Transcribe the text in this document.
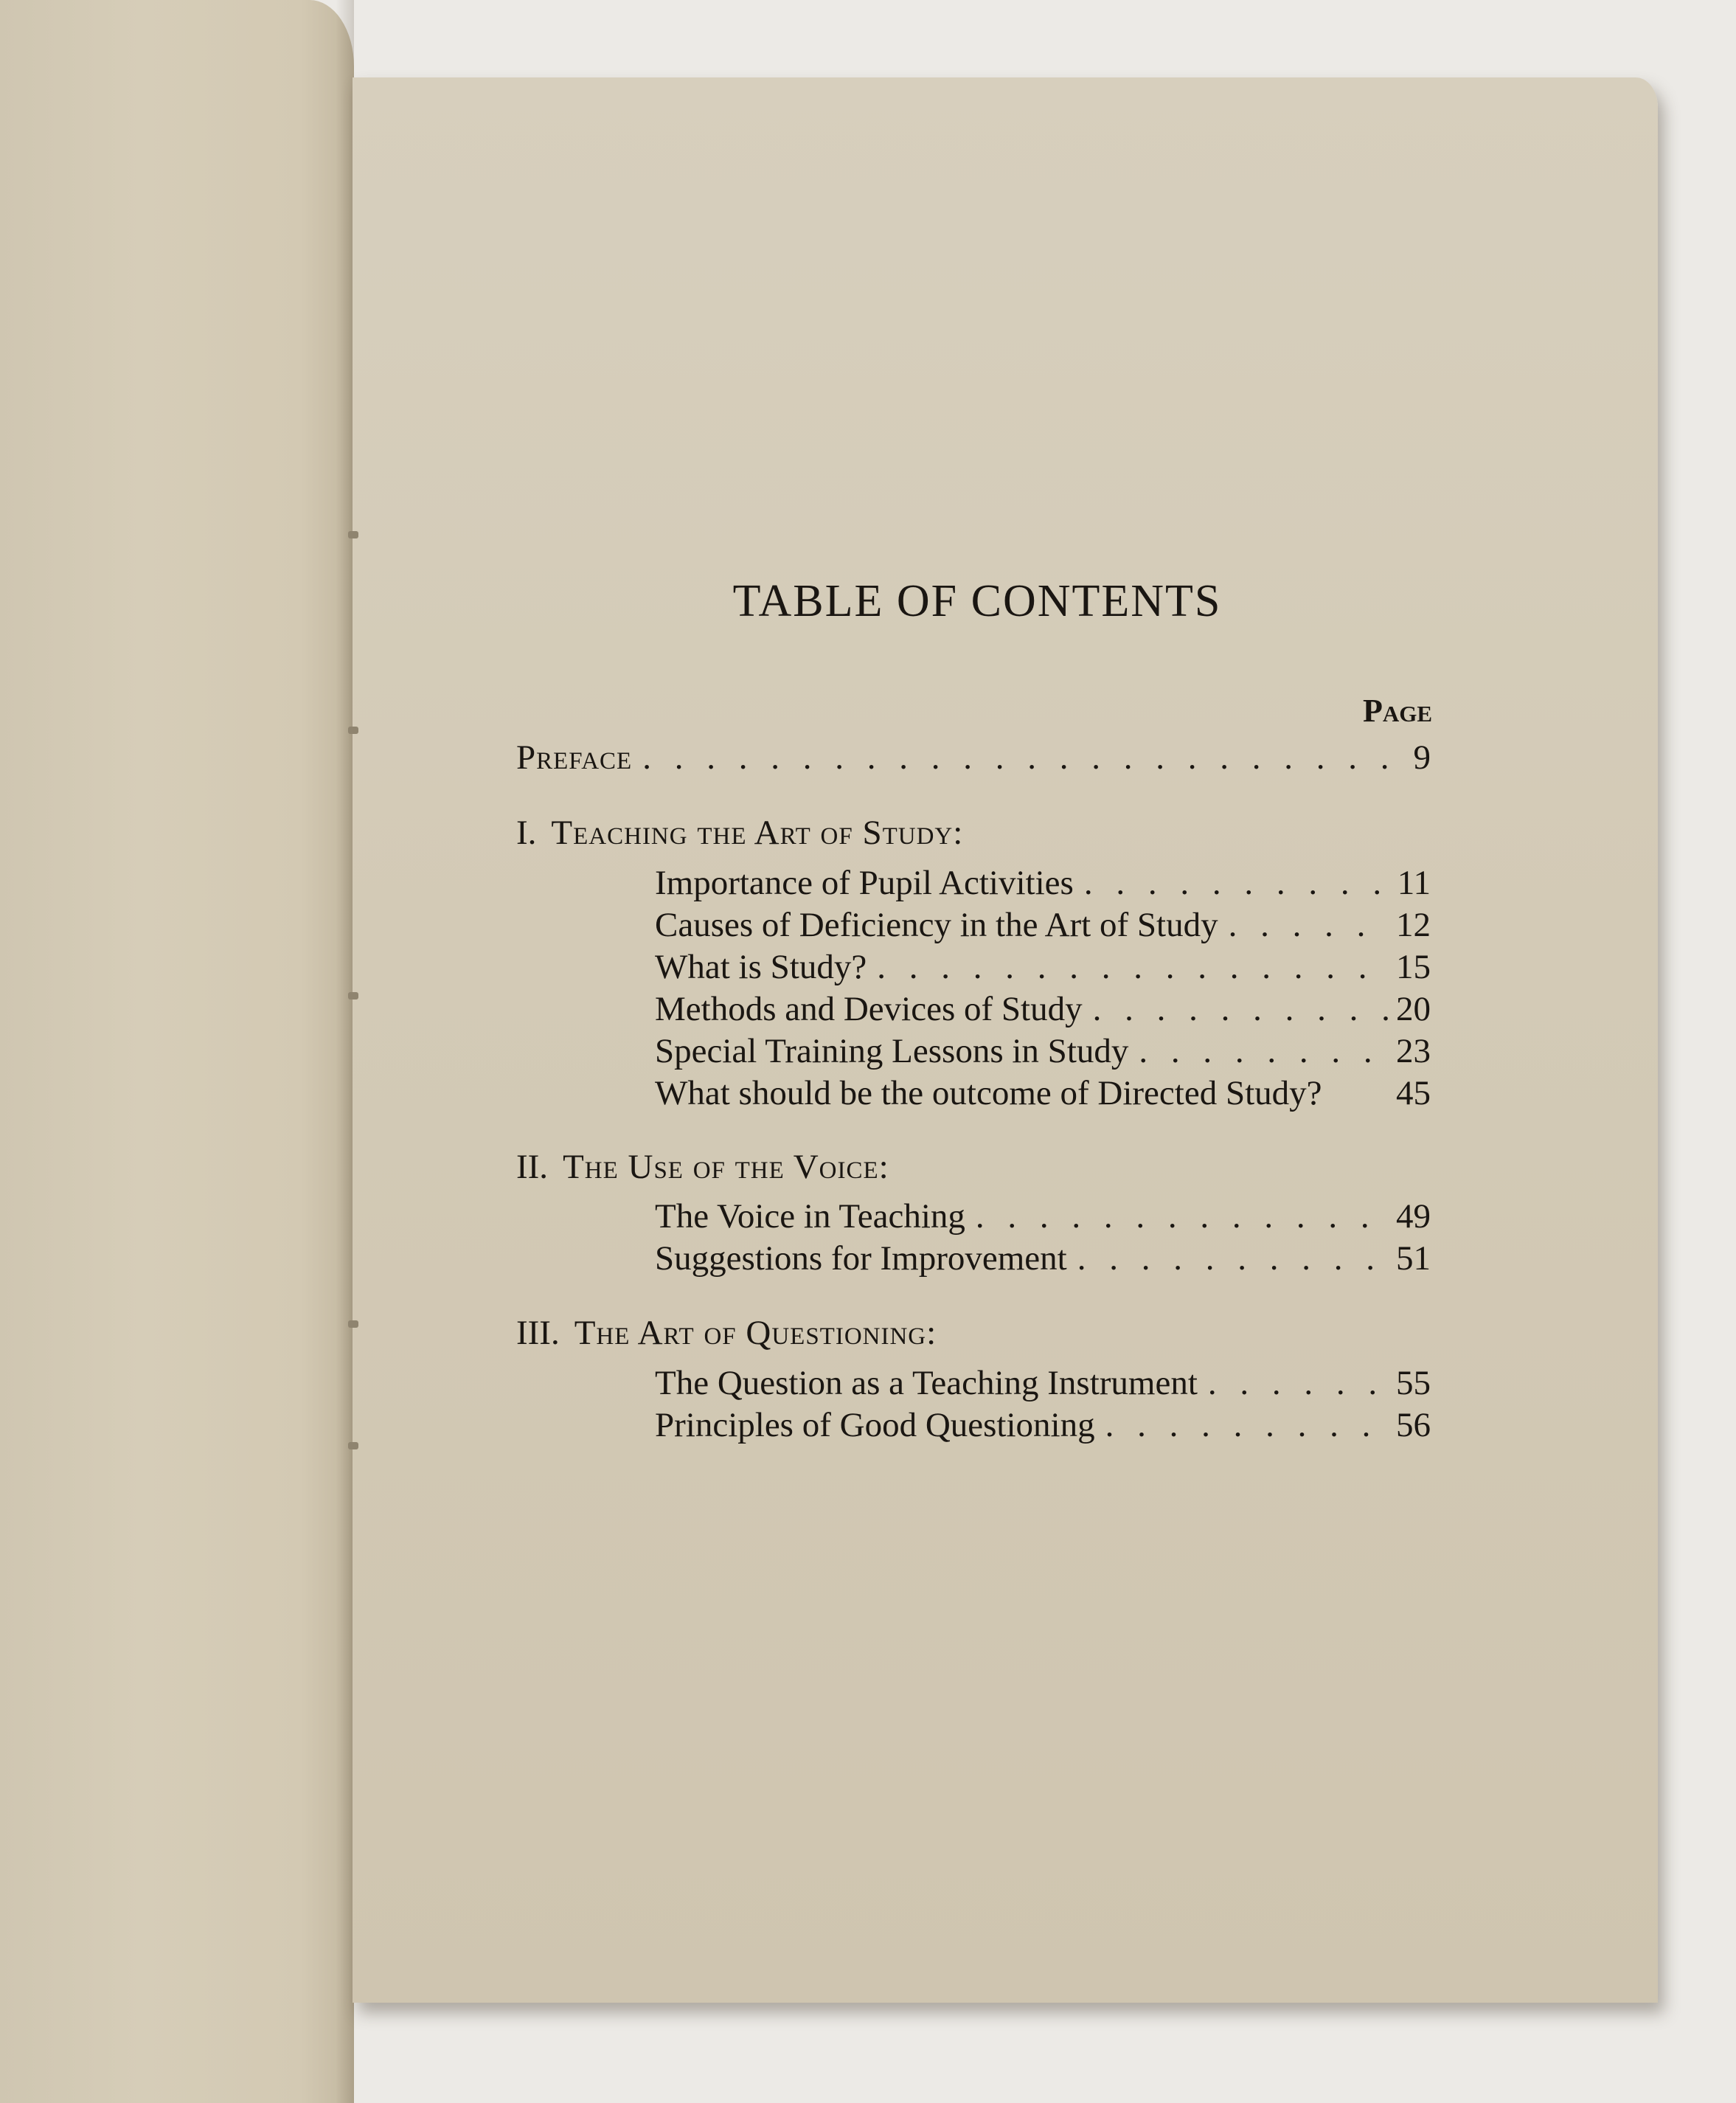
TABLE OF CONTENTS
Page
Preface . . .	9
I. Teaching the Art of Study:
Importance of Pupil Activities . . .	11
Causes of Deficiency in the Art of Study . . .	12
What is Study? . . .	15
Methods and Devices of Study . . .	20
Special Training Lessons in Study . . .	23
What should be the outcome of Directed Study? 45
II. The Use of the Voice:
The Voice in Teaching . . .	49
Suggestions for Improvement . . .	51
III. The Art of Questioning:
The Question as a Teaching Instrument . . .	55
Principles of Good Questioning . . .	56
